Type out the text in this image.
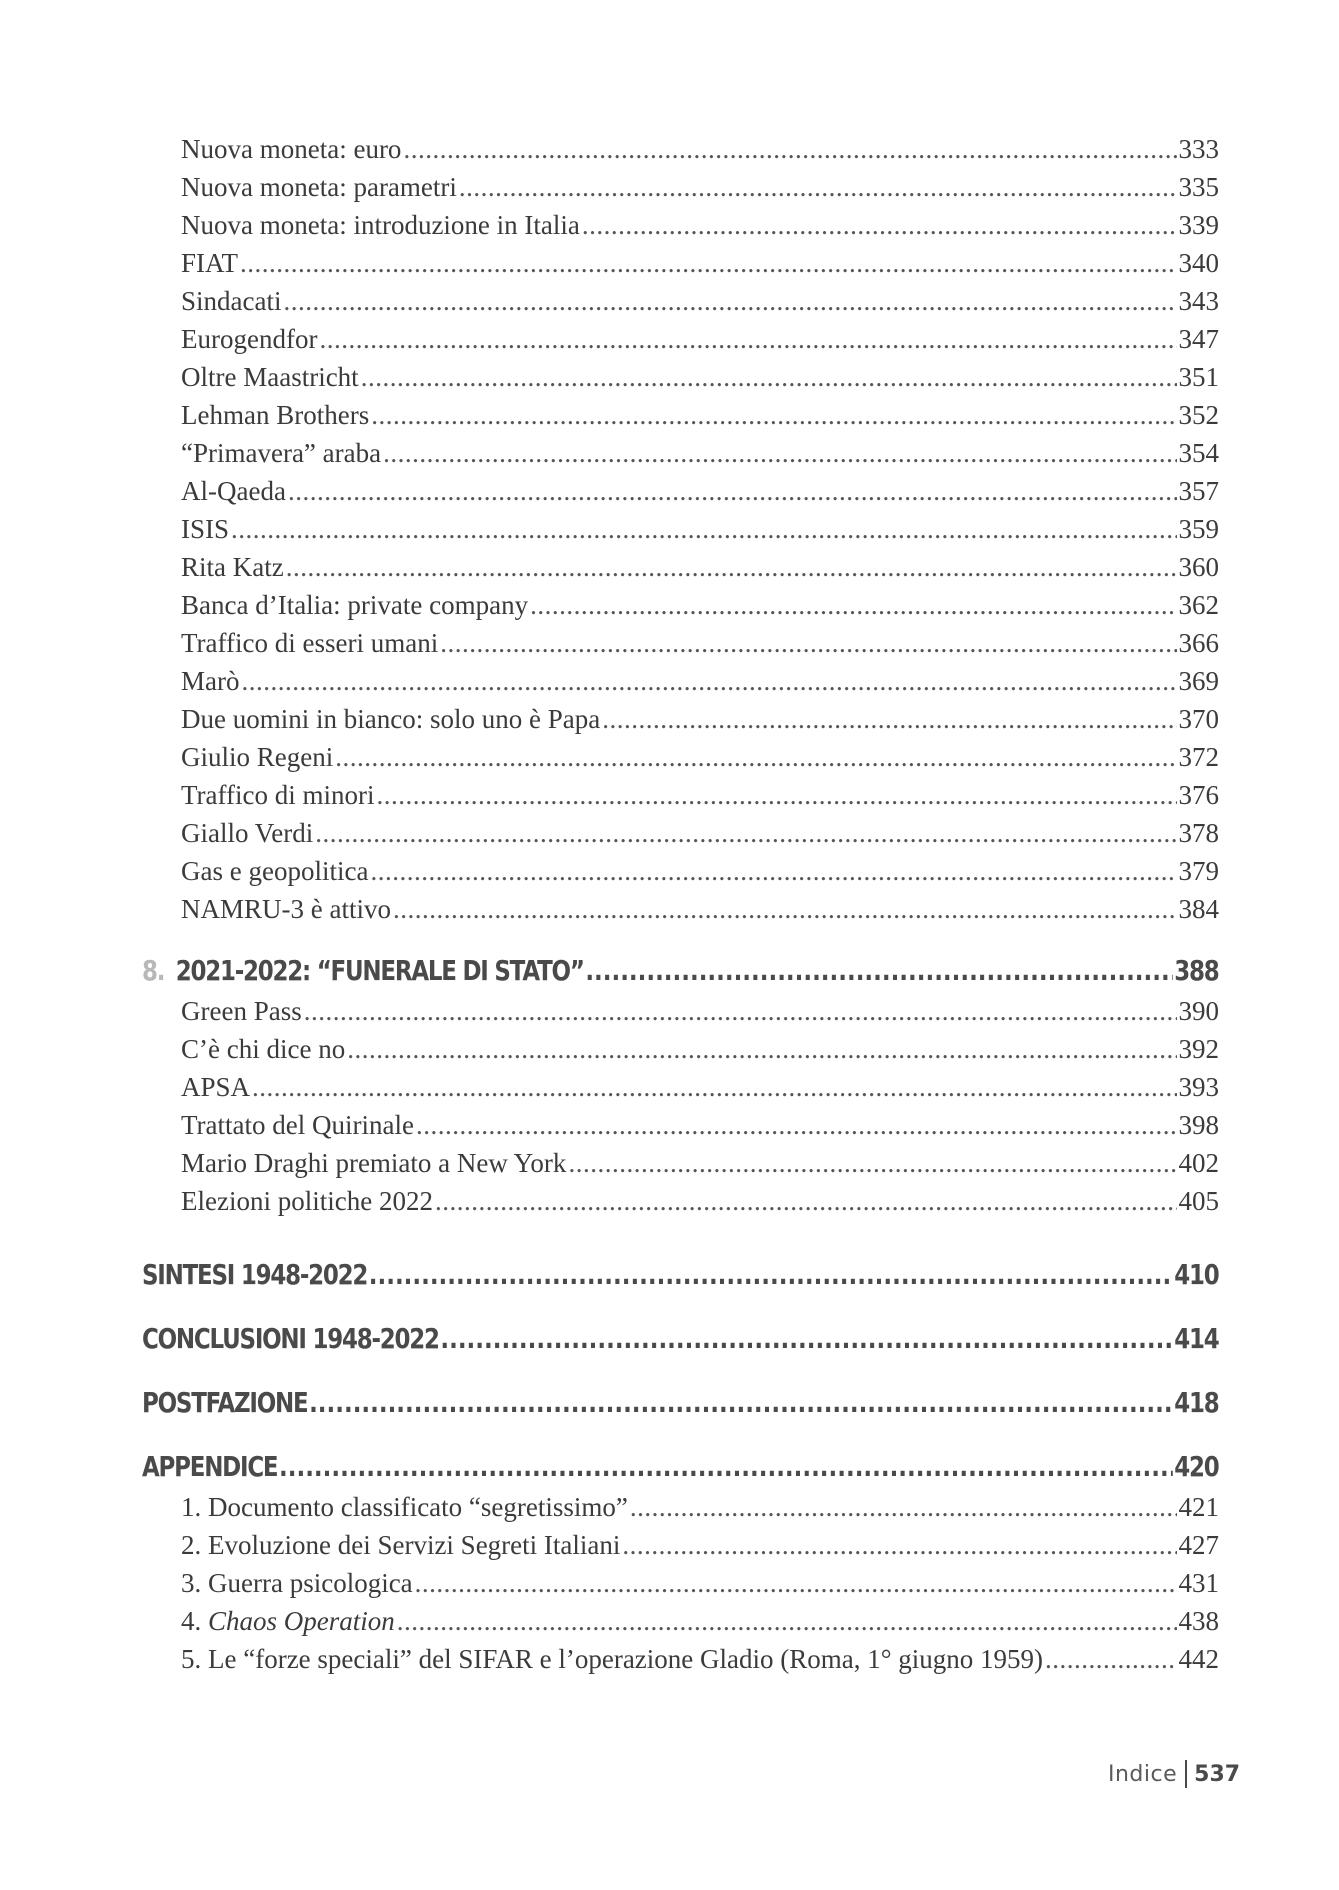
Nuova moneta: euro .....	333
Nuova moneta: parametri .....	335
Nuova moneta: introduzione in Italia .....	339
FIAT .....	340
Sindacati .....	343
Eurogendfor .....	347
Oltre Maastricht .....	351
Lehman Brothers .....	352
“Primavera” araba .....	354
Al-Qaeda .....	357
ISIS .....	359
Rita Katz .....	360
Banca d’Italia: private company .....	362
Traffico di esseri umani .....	366
Marò .....	369
Due uomini in bianco: solo uno è Papa .....	370
Giulio Regeni .....	372
Traffico di minori .....	376
Giallo Verdi .....	378
Gas e geopolitica .....	379
NAMRU-3 è attivo .....	384
8. 2021-2022: “FUNERALE DI STATO” .....	388
Green Pass .....	390
C’è chi dice no .....	392
APSA .....	393
Trattato del Quirinale .....	398
Mario Draghi premiato a New York .....	402
Elezioni politiche 2022 .....	405
SINTESI 1948-2022 .....	410
CONCLUSIONI 1948-2022 .....	414
POSTFAZIONE .....	418
APPENDICE .....	420
1. Documento classificato “segretissimo” .....	421
2. Evoluzione dei Servizi Segreti Italiani .....	427
3. Guerra psicologica .....	431
4. Chaos Operation .....	438
5. Le “forze speciali” del SIFAR e l’operazione Gladio (Roma, 1° giugno 1959) .....	442
Indice 537
